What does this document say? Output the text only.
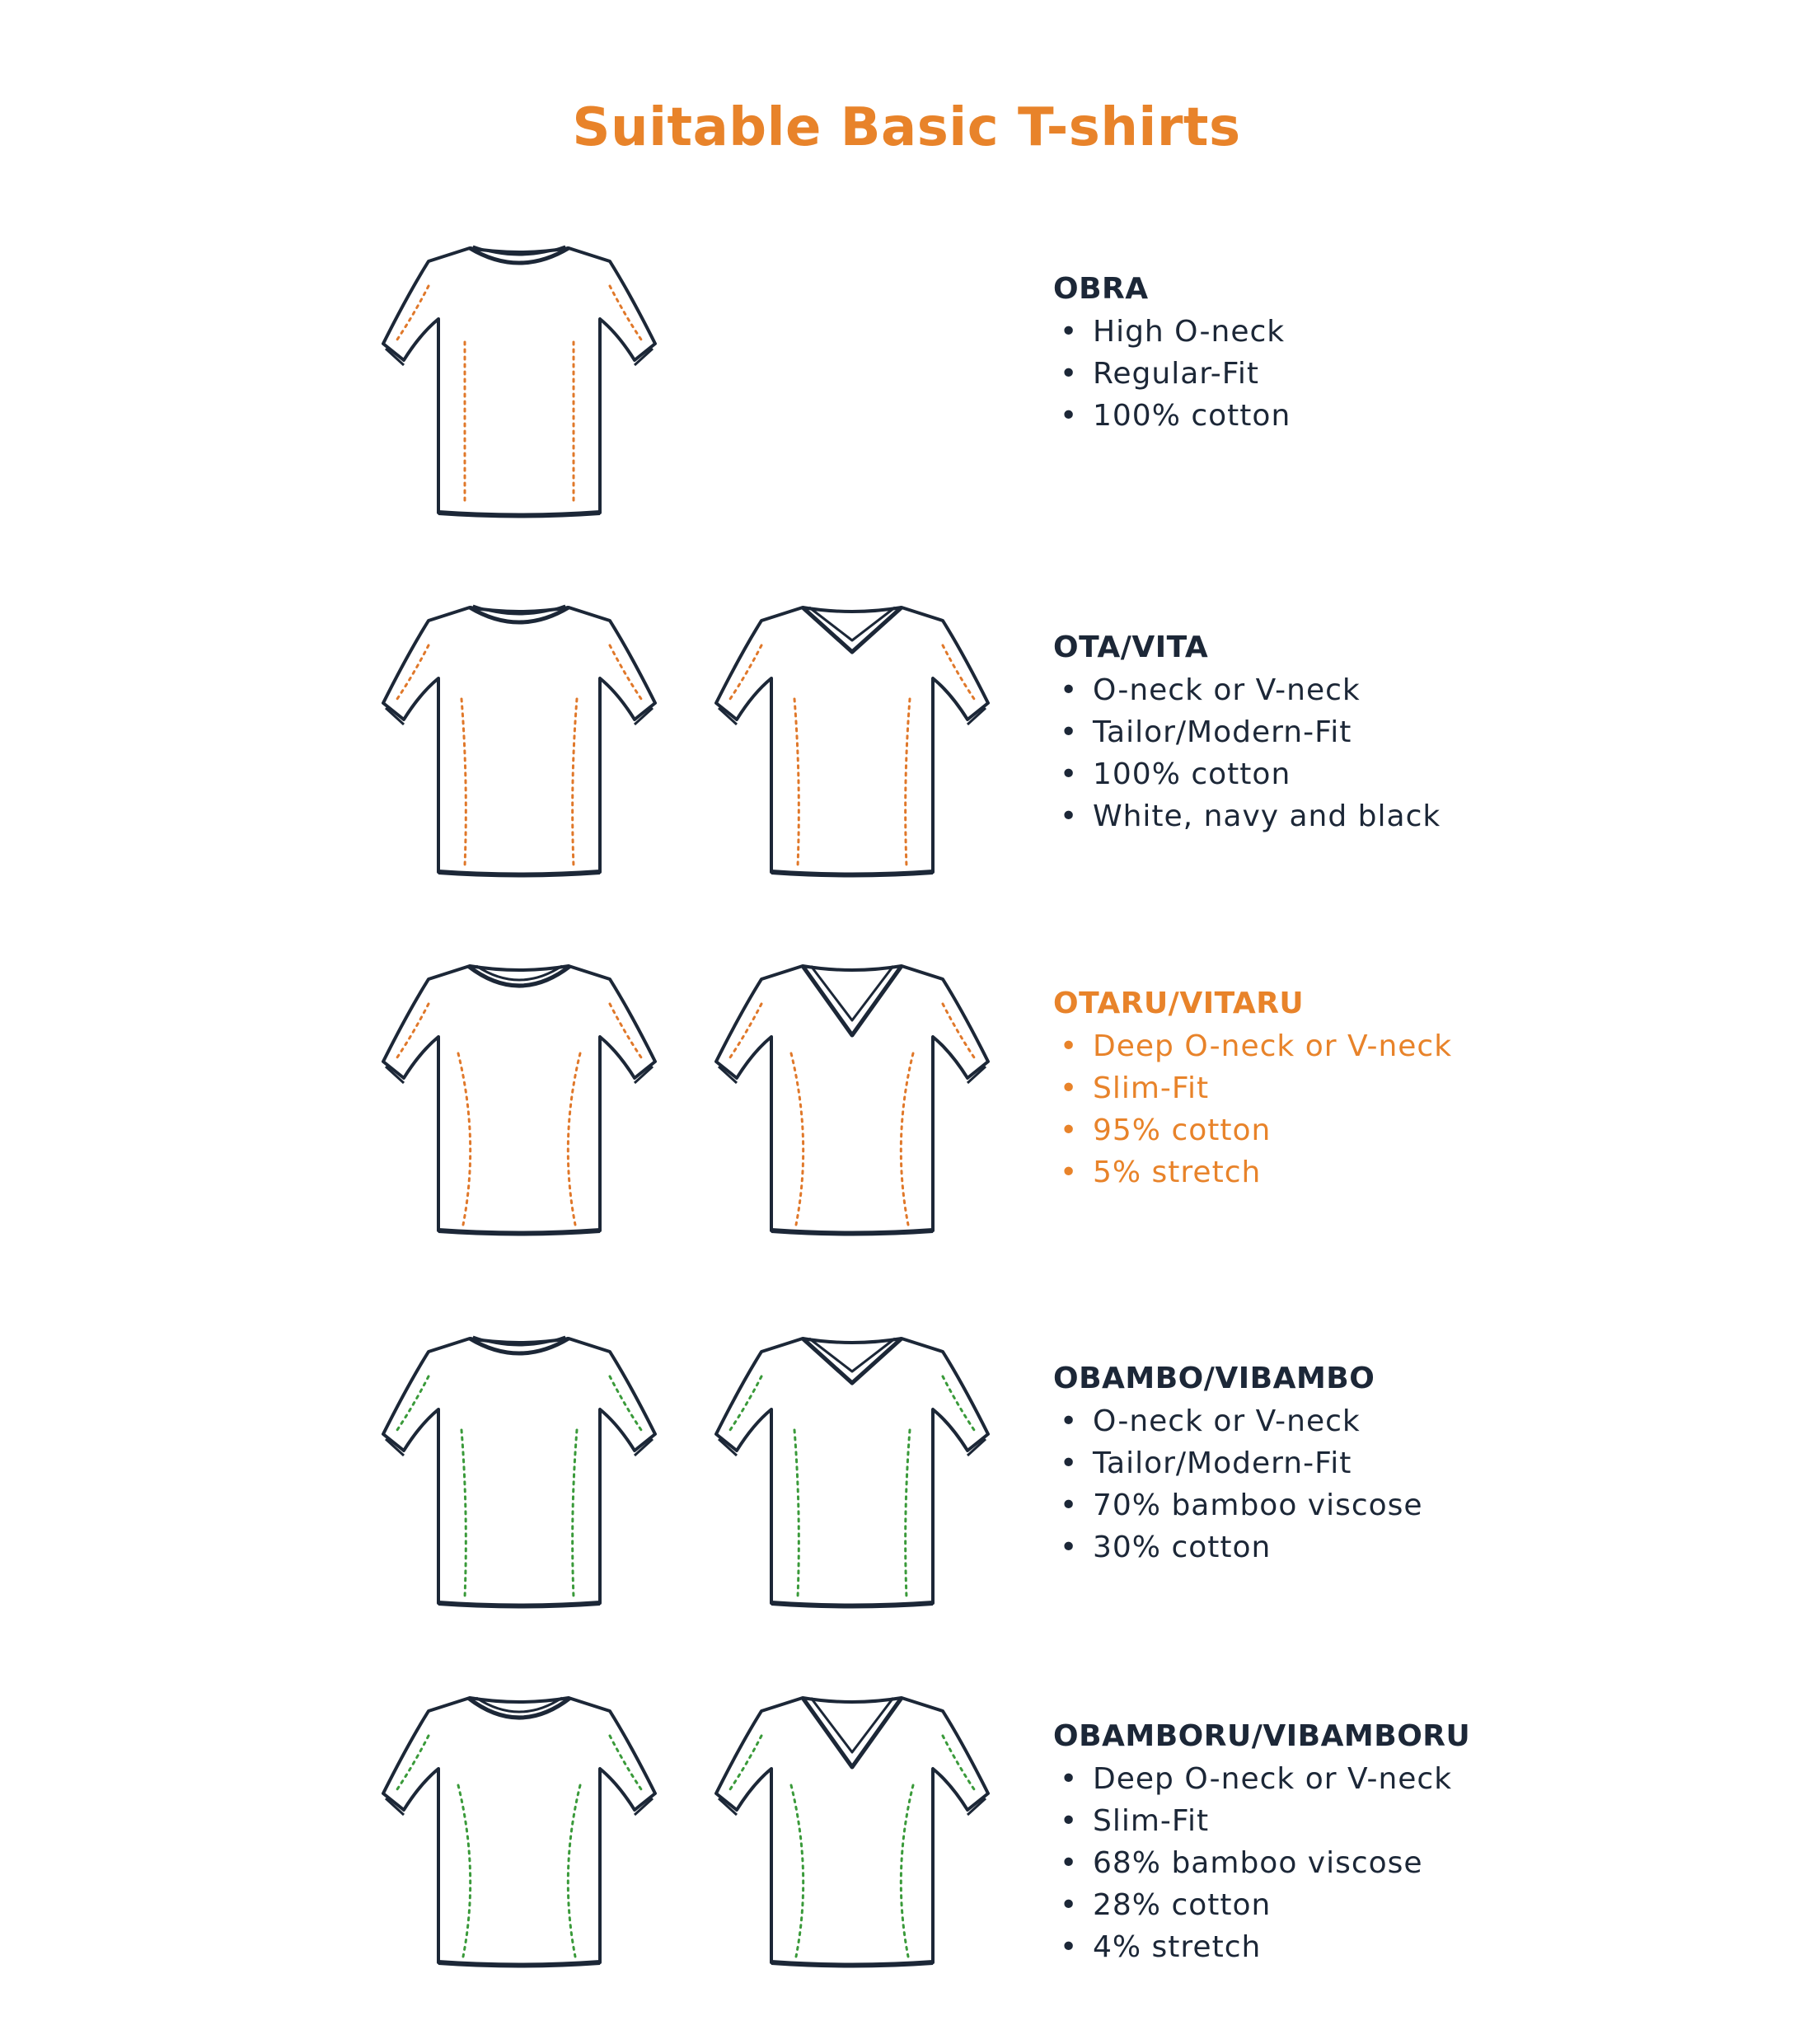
Suitable Basic T-shirts
OBRA
• High O-neck
• Regular-Fit
• 100% cotton
OTA/VITA
• O-neck or V-neck
• Tailor/Modern-Fit
• 100% cotton
• White, navy and black
OTARU/VITARU
• Deep O-neck or V-neck
• Slim-Fit
• 95% cotton
• 5% stretch
OBAMBO/VIBAMBO
• O-neck or V-neck
• Tailor/Modern-Fit
• 70% bamboo viscose
• 30% cotton
OBAMBORU/VIBAMBORU
• Deep O-neck or V-neck
• Slim-Fit
• 68% bamboo viscose
• 28% cotton
• 4% stretch
